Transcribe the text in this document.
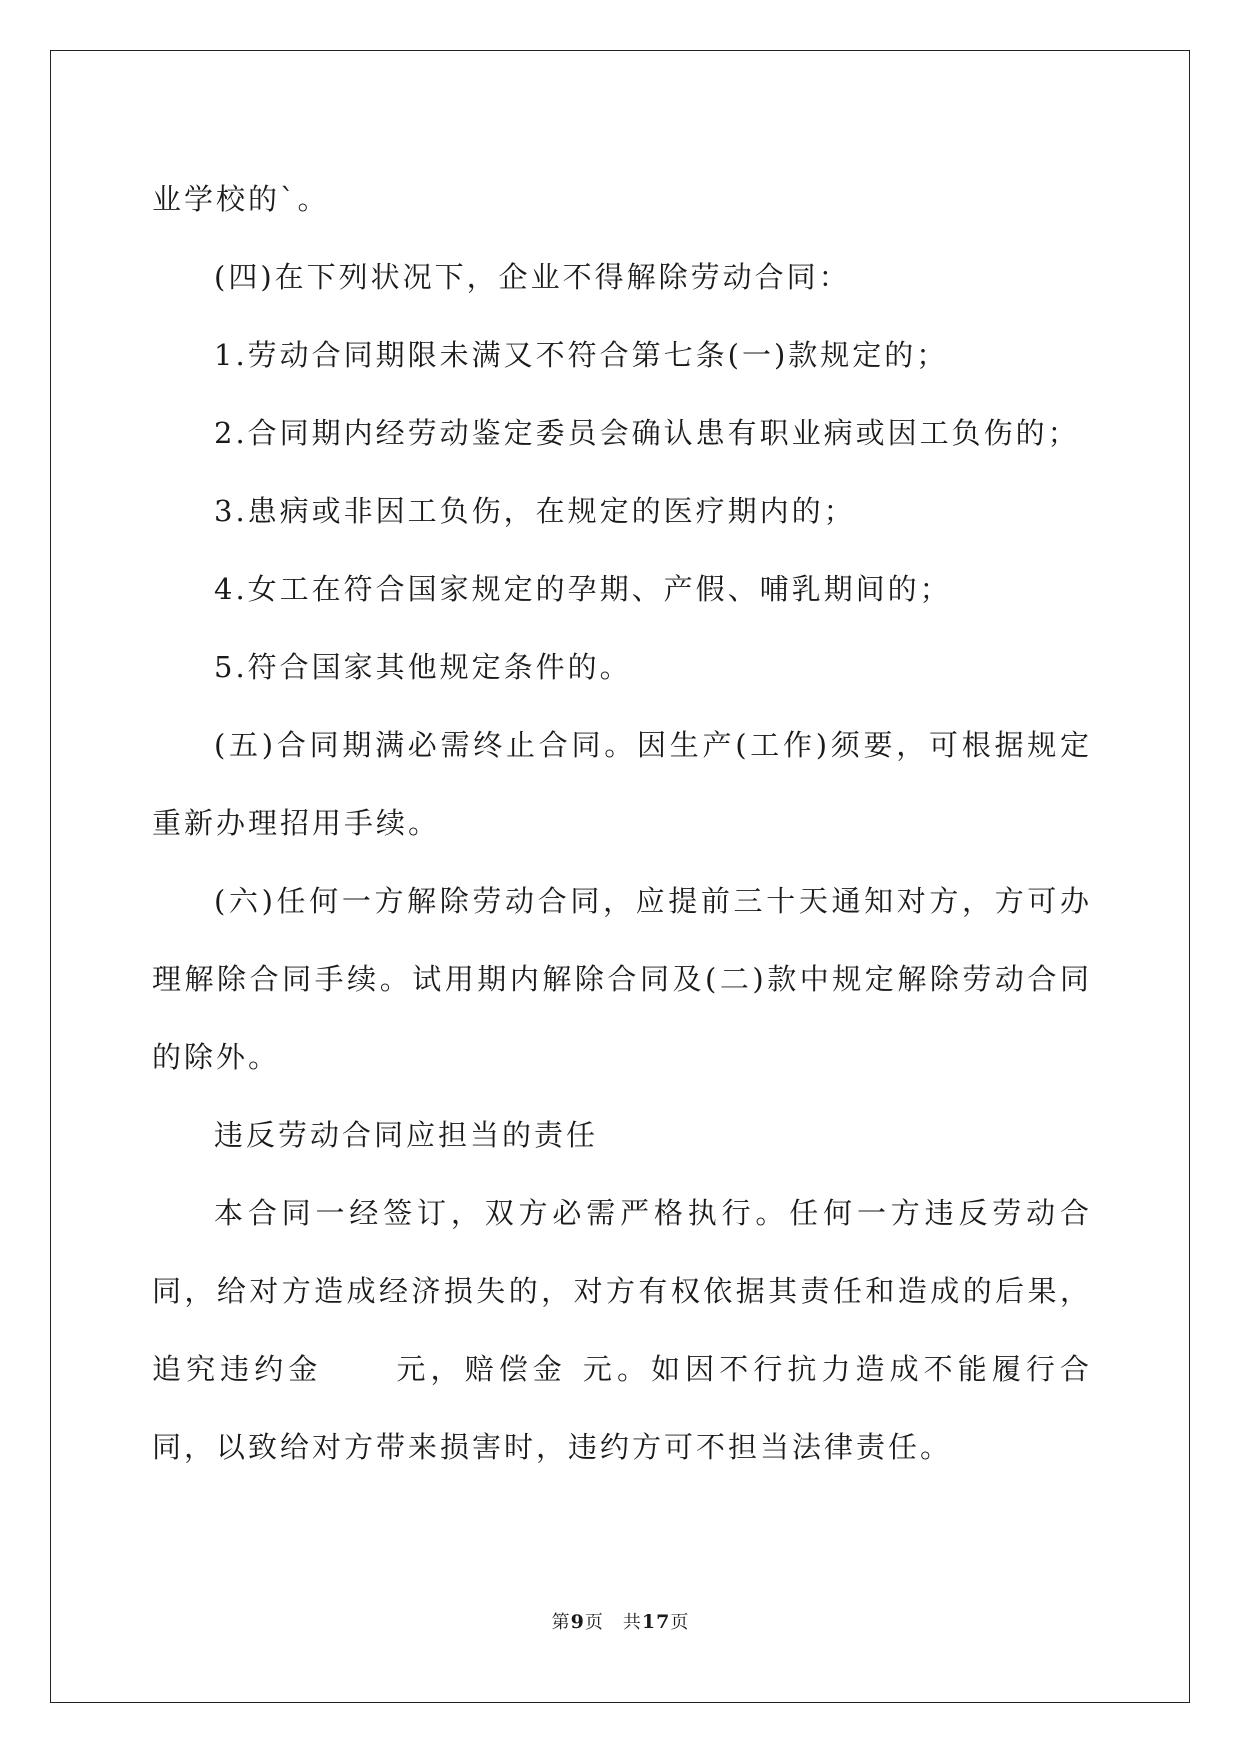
业学校的`。

(四)在下列状况下，企业不得解除劳动合同：

1.劳动合同期限未满又不符合第七条(一)款规定的；

2.合同期内经劳动鉴定委员会确认患有职业病或因工负伤的；

3.患病或非因工负伤，在规定的医疗期内的；

4.女工在符合国家规定的孕期、产假、哺乳期间的；

5.符合国家其他规定条件的。

(五)合同期满必需终止合同。因生产(工作)须要，可根据规定重新办理招用手续。

(六)任何一方解除劳动合同，应提前三十天通知对方，方可办理解除合同手续。试用期内解除合同及(二)款中规定解除劳动合同的除外。

违反劳动合同应担当的责任

本合同一经签订，双方必需严格执行。任何一方违反劳动合同，给对方造成经济损失的，对方有权依据其责任和造成的后果，追究违约金 元，赔偿金 元。如因不行抗力造成不能履行合同，以致给对方带来损害时，违约方可不担当法律责任。

第9页　共17页
